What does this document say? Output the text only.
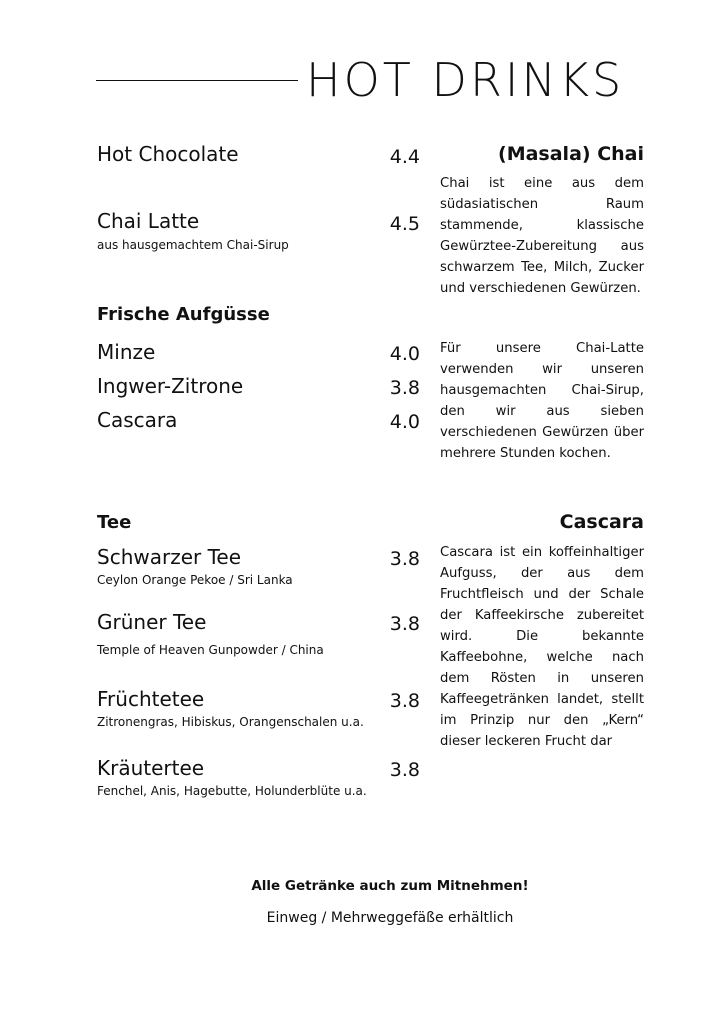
HOT DRINKS
Hot Chocolate	4.4
Chai Latte	4.5
aus hausgemachtem Chai-Sirup
Frische Aufgüsse
Minze	4.0
Ingwer-Zitrone	3.8
Cascara	4.0
Tee
Schwarzer Tee	3.8
Ceylon Orange Pekoe / Sri Lanka
Grüner Tee	3.8
Temple of Heaven Gunpowder / China
Früchtetee	3.8
Zitronengras, Hibiskus, Orangenschalen u.a.
Kräutertee	3.8
Fenchel, Anis, Hagebutte, Holunderblüte u.a.
(Masala) Chai
Chai ist eine aus dem südasiatischen Raum stammende, klassische Gewürztee-Zubereitung aus schwarzem Tee, Milch, Zucker und verschiedenen Gewürzen.
Für unsere Chai-Latte verwenden wir unseren hausgemachten Chai-Sirup, den wir aus sieben verschiedenen Gewürzen über mehrere Stunden kochen.
Cascara
Cascara ist ein koffeinhaltiger Aufguss, der aus dem Fruchtfleisch und der Schale der Kaffeekirsche zubereitet wird. Die bekannte Kaffeebohne, welche nach dem Rösten in unseren Kaffeegetränken landet, stellt im Prinzip nur den „Kern“ dieser leckeren Frucht dar
Alle Getränke auch zum Mitnehmen!
Einweg / Mehrweggefäße erhältlich
